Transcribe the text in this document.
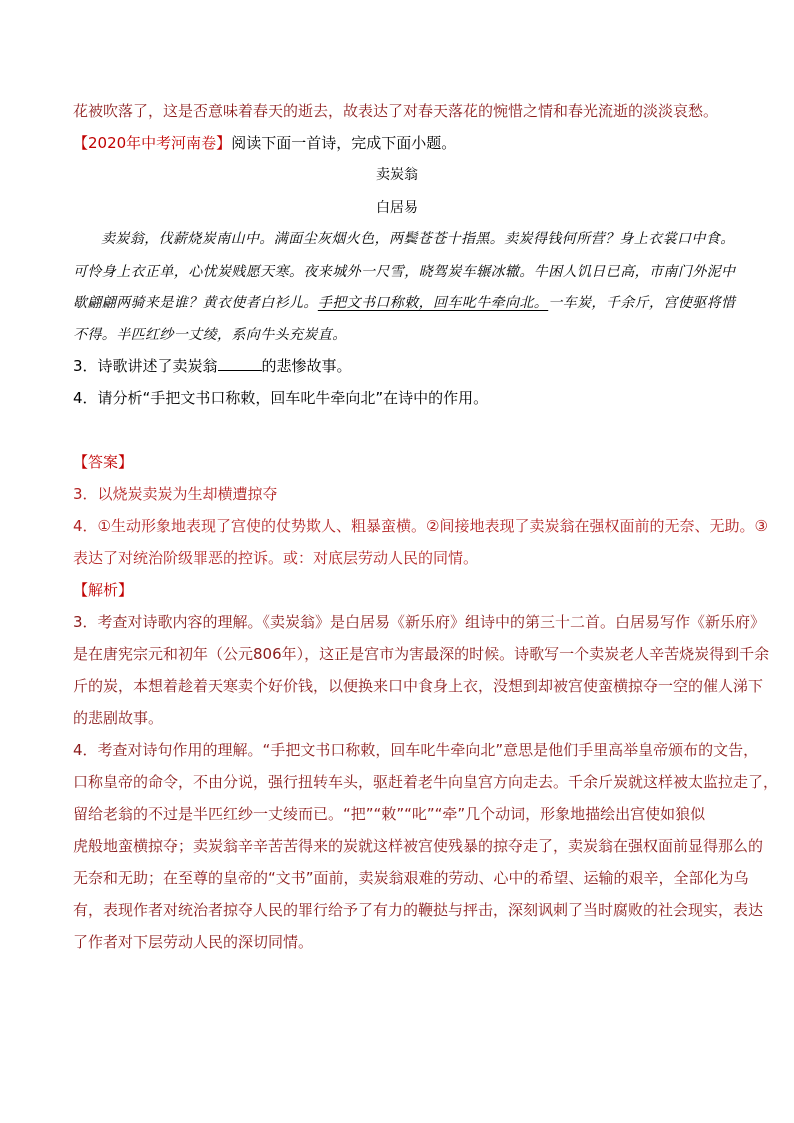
花被吹落了，这是否意味着春天的逝去，故表达了对春天落花的惋惜之情和春光流逝的淡淡哀愁。
【2020年中考河南卷】阅读下面一首诗，完成下面小题。
卖炭翁
白居易
卖炭翁，伐薪烧炭南山中。满面尘灰烟火色，两鬓苍苍十指黑。卖炭得钱何所营？身上衣裳口中食。
可怜身上衣正单，心忧炭贱愿天寒。夜来城外一尺雪，晓驾炭车辗冰辙。牛困人饥日已高，市南门外泥中
歇翩翩两骑来是谁？黄衣使者白衫儿。手把文书口称敕，回车叱牛牵向北。一车炭，千余斤，宫使驱将惜
不得。半匹红纱一丈绫，系向牛头充炭直。
3．诗歌讲述了卖炭翁	的悲惨故事。
4．请分析“手把文书口称敕，回车叱牛牵向北”在诗中的作用。
【答案】
3．以烧炭卖炭为生却横遭掠夺
4．①生动形象地表现了宫使的仗势欺人、粗暴蛮横。②间接地表现了卖炭翁在强权面前的无奈、无助。③
表达了对统治阶级罪恶的控诉。或：对底层劳动人民的同情。
【解析】
3．考查对诗歌内容的理解。《卖炭翁》是白居易《新乐府》组诗中的第三十二首。白居易写作《新乐府》
是在唐宪宗元和初年（公元806年），这正是宫市为害最深的时候。诗歌写一个卖炭老人辛苦烧炭得到千余
斤的炭，本想着趁着天寒卖个好价钱，以便换来口中食身上衣，没想到却被宫使蛮横掠夺一空的催人涕下
的悲剧故事。
4．考查对诗句作用的理解。“手把文书口称敕，回车叱牛牵向北”意思是他们手里高举皇帝颁布的文告，
口称皇帝的命令，不由分说，强行扭转车头，驱赶着老牛向皇宫方向走去。千余斤炭就这样被太监拉走了，
留给老翁的不过是半匹红纱一丈绫而已。“把”“敕”“叱”“牵”几个动词，形象地描绘出宫使如狼似
虎般地蛮横掠夺；卖炭翁辛辛苦苦得来的炭就这样被宫使残暴的掠夺走了，卖炭翁在强权面前显得那么的
无奈和无助；在至尊的皇帝的“文书”面前，卖炭翁艰难的劳动、心中的希望、运输的艰辛，全部化为乌
有，表现作者对统治者掠夺人民的罪行给予了有力的鞭挞与抨击，深刻讽刺了当时腐败的社会现实，表达
了作者对下层劳动人民的深切同情。
